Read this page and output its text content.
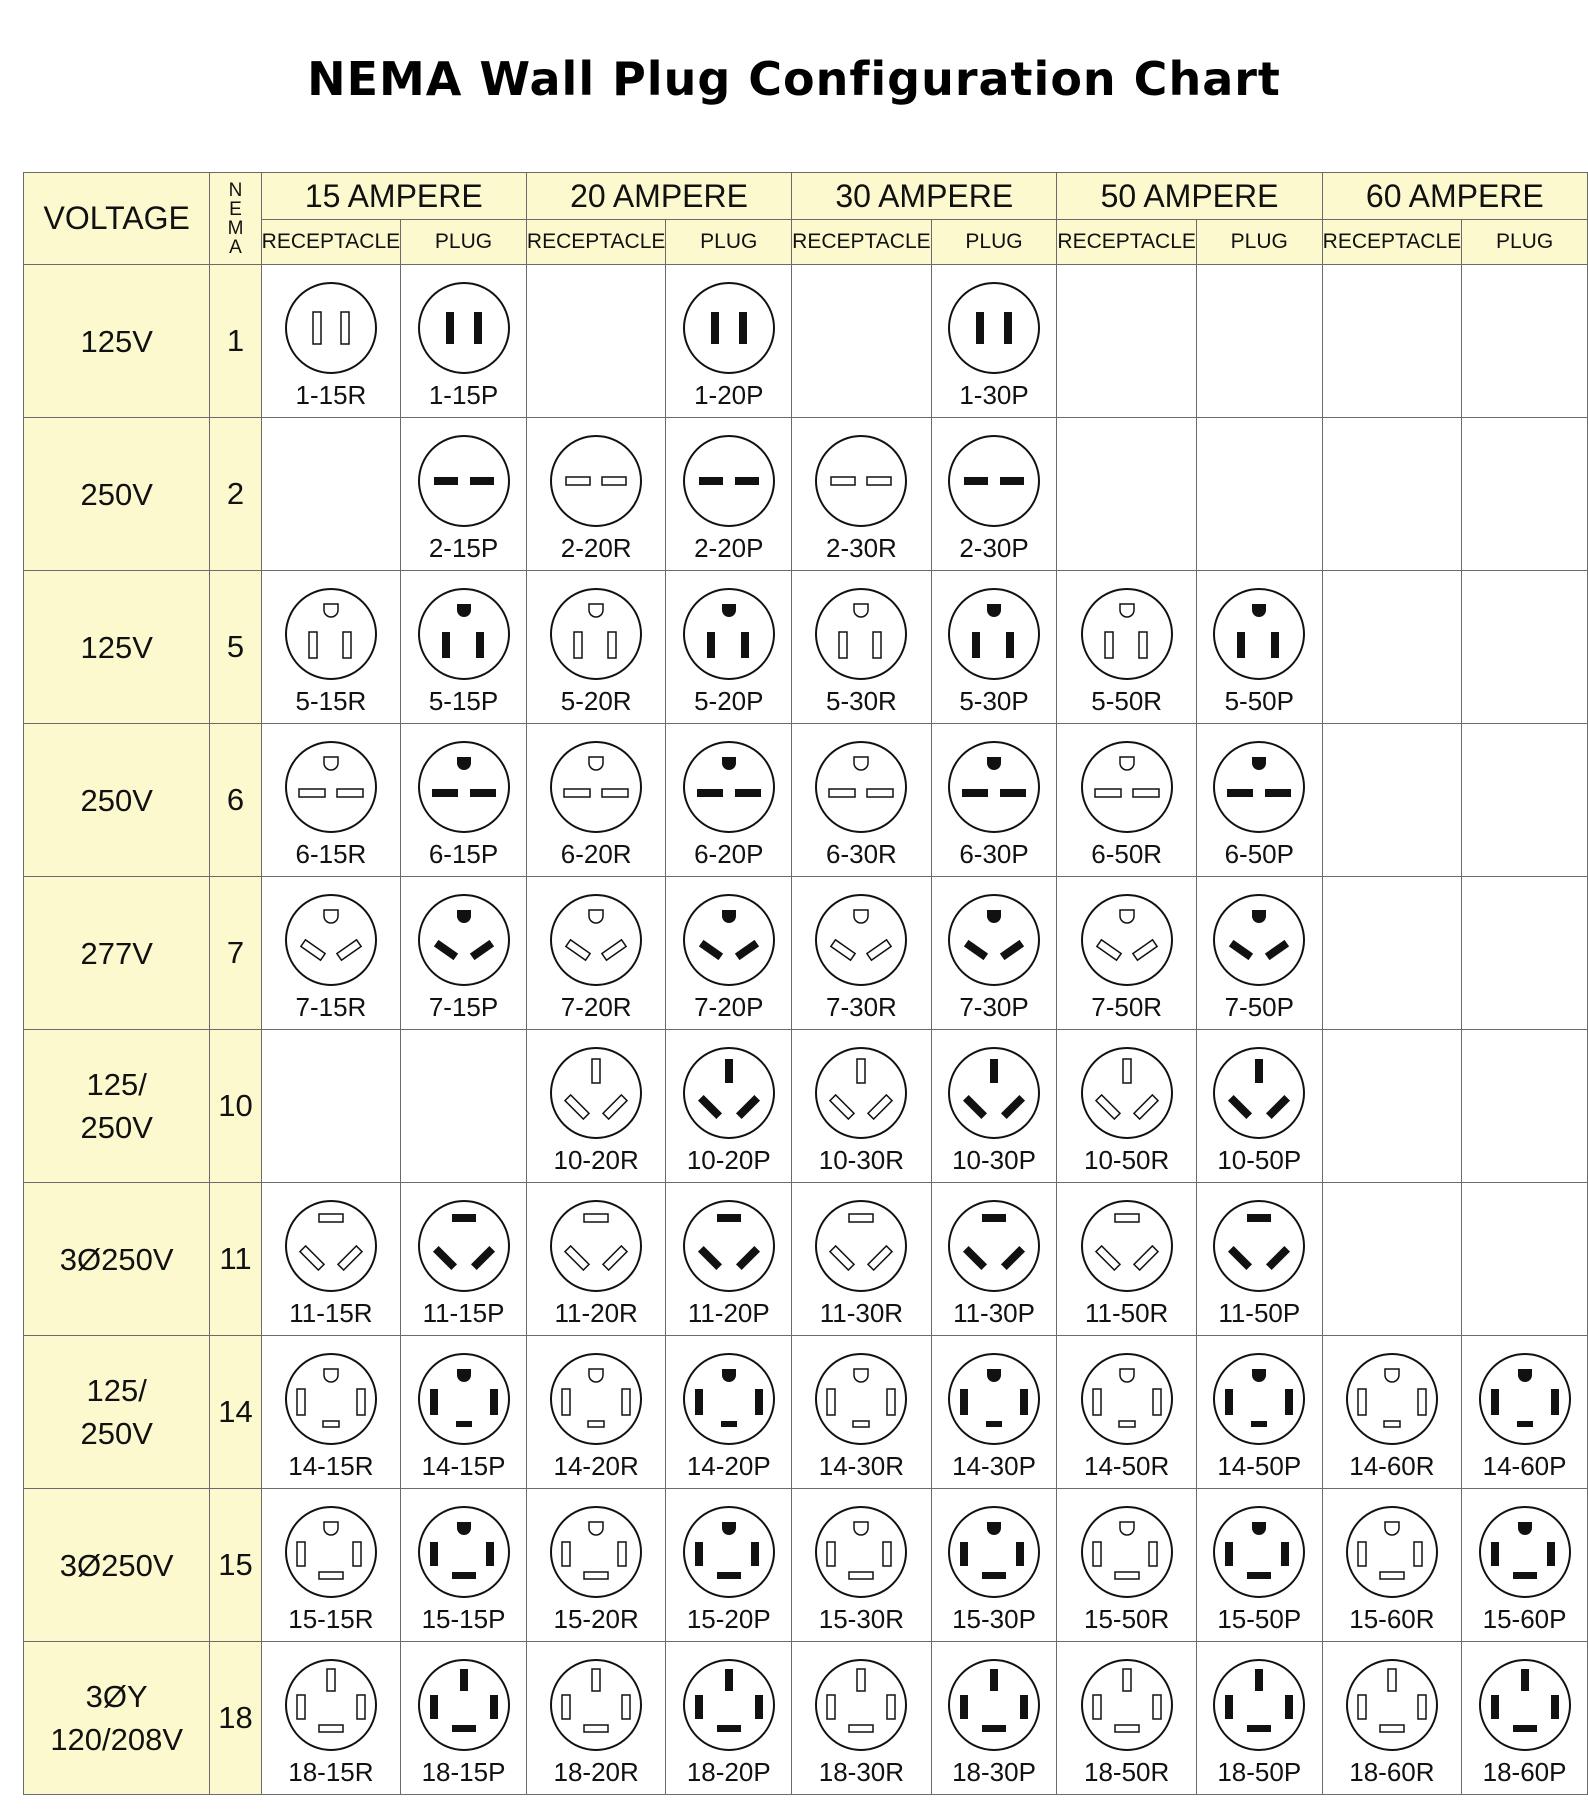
NEMA Wall Plug Configuration Chart
VOLTAGE	N
E
M
A	15 AMPERE		20 AMPERE		30 AMPERE		50 AMPERE		60 AMPERE	
		RECEPTACLE	PLUG	RECEPTACLE	PLUG	RECEPTACLE	PLUG	RECEPTACLE	PLUG	RECEPTACLE	PLUG
125V	1	1-15R	1-15P		1-20P		1-30P				

250V	2		2-15P	2-20R	2-20P	2-30R	2-30P				

125V	5	5-15R	5-15P	5-20R	5-20P	5-30R	5-30P	5-50R	5-50P		

250V	6	6-15R	6-15P	6-20R	6-20P	6-30R	6-30P	6-50R	6-50P		

277V	7	7-15R	7-15P	7-20R	7-20P	7-30R	7-30P	7-50R	7-50P		

125/
250V	10			10-20R	10-20P	10-30R	10-30P	10-50R	10-50P		

3Ø250V	11	11-15R	11-15P	11-20R	11-20P	11-30R	11-30P	11-50R	11-50P		

125/
250V	14	14-15R	14-15P	14-20R	14-20P	14-30R	14-30P	14-50R	14-50P	14-60R	14-60P

3Ø250V	15	15-15R	15-15P	15-20R	15-20P	15-30R	15-30P	15-50R	15-50P	15-60R	15-60P

3ØY
120/208V	18	18-15R	18-15P	18-20R	18-20P	18-30R	18-30P	18-50R	18-50P	18-60R	18-60P
